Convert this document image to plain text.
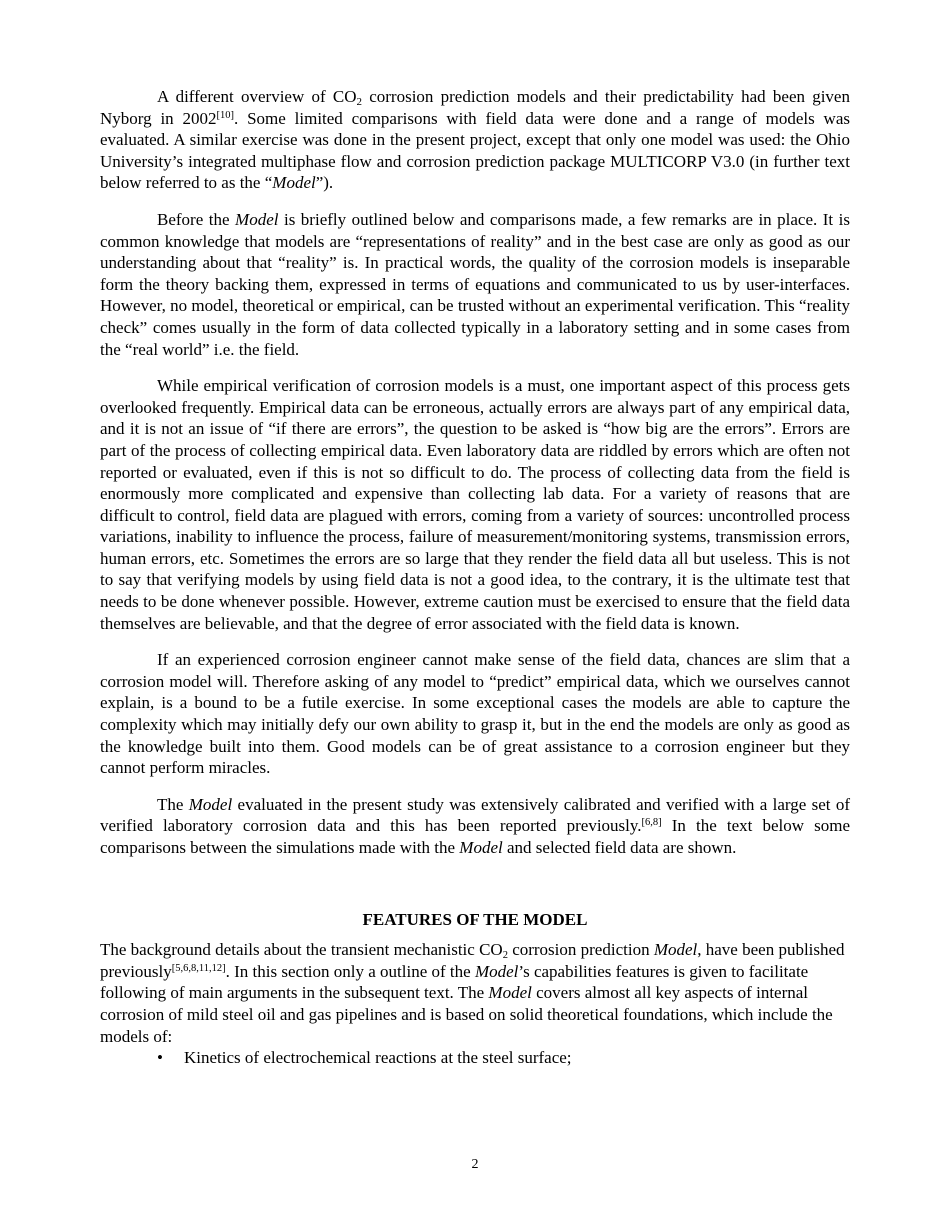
A different overview of $CO_2$ corrosion prediction models and their predictability had been given Nyborg in 2002[10]. Some limited comparisons with field data were done and a range of models was evaluated. A similar exercise was done in the present project, except that only one model was used: the Ohio University’s integrated multiphase flow and corrosion prediction package MULTICORP V3.0 (in further text below referred to as the “Model”).

Before the Model is briefly outlined below and comparisons made, a few remarks are in place. It is common knowledge that models are “representations of reality” and in the best case are only as good as our understanding about that “reality” is. In practical words, the quality of the corrosion models is inseparable form the theory backing them, expressed in terms of equations and communicated to us by user-interfaces. However, no model, theoretical or empirical, can be trusted without an experimental verification. This “reality check” comes usually in the form of data collected typically in a laboratory setting and in some cases from the “real world” i.e. the field.

While empirical verification of corrosion models is a must, one important aspect of this process gets overlooked frequently. Empirical data can be erroneous, actually errors are always part of any empirical data, and it is not an issue of “if there are errors”, the question to be asked is “how big are the errors”. Errors are part of the process of collecting empirical data. Even laboratory data are riddled by errors which are often not reported or evaluated, even if this is not so difficult to do. The process of collecting data from the field is enormously more complicated and expensive than collecting lab data. For a variety of reasons that are difficult to control, field data are plagued with errors, coming from a variety of sources: uncontrolled process variations, inability to influence the process, failure of measurement/monitoring systems, transmission errors, human errors, etc. Sometimes the errors are so large that they render the field data all but useless. This is not to say that verifying models by using field data is not a good idea, to the contrary, it is the ultimate test that needs to be done whenever possible. However, extreme caution must be exercised to ensure that the field data themselves are believable, and that the degree of error associated with the field data is known.

If an experienced corrosion engineer cannot make sense of the field data, chances are slim that a corrosion model will. Therefore asking of any model to “predict” empirical data, which we ourselves cannot explain, is a bound to be a futile exercise. In some exceptional cases the models are able to capture the complexity which may initially defy our own ability to grasp it, but in the end the models are only as good as the knowledge built into them. Good models can be of great assistance to a corrosion engineer but they cannot perform miracles.

The Model evaluated in the present study was extensively calibrated and verified with a large set of verified laboratory corrosion data and this has been reported previously.[6,8] In the text below some comparisons between the simulations made with the Model and selected field data are shown.

FEATURES OF THE MODEL

The background details about the transient mechanistic $CO_2$ corrosion prediction Model, have been published previously[5,6,8,11,12]. In this section only a outline of the Model’s capabilities features is given to facilitate following of main arguments in the subsequent text. The Model covers almost all key aspects of internal corrosion of mild steel oil and gas pipelines and is based on solid theoretical foundations, which include the models of:

• Kinetics of electrochemical reactions at the steel surface;
2
